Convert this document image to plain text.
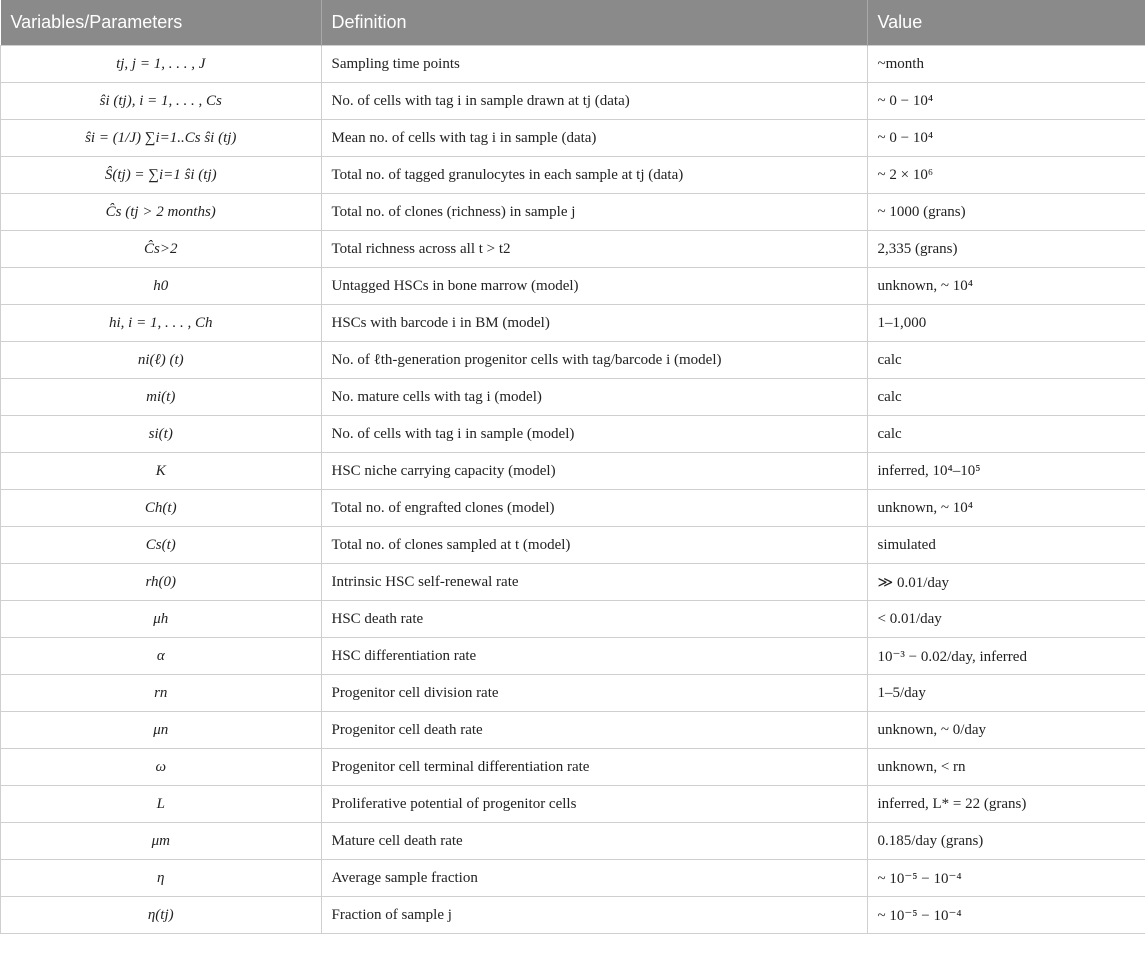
Variables/Parameters	Definition	Value
tj, j = 1, . . . , J	Sampling time points	~month
ŝi (tj), i = 1, . . . , Cs	No. of cells with tag i in sample drawn at tj (data)	~ 0 − 10⁴
ŝi = (1/J) ∑i=1..Cs ŝi (tj)	Mean no. of cells with tag i in sample (data)	~ 0 − 10⁴
Ŝ(tj) = ∑i=1 ŝi (tj)	Total no. of tagged granulocytes in each sample at tj (data)	~ 2 × 10⁶
Ĉs (tj > 2 months)	Total no. of clones (richness) in sample j	~ 1000 (grans)
Ĉs>2	Total richness across all t > t2	2,335 (grans)
h0	Untagged HSCs in bone marrow (model)	unknown, ~ 10⁴
hi, i = 1, . . . , Ch	HSCs with barcode i in BM (model)	1–1,000
ni(ℓ) (t)	No. of ℓth-generation progenitor cells with tag/barcode i (model)	calc
mi(t)	No. mature cells with tag i (model)	calc
si(t)	No. of cells with tag i in sample (model)	calc
K	HSC niche carrying capacity (model)	inferred, 10⁴–10⁵
Ch(t)	Total no. of engrafted clones (model)	unknown, ~ 10⁴
Cs(t)	Total no. of clones sampled at t (model)	simulated
rh(0)	Intrinsic HSC self-renewal rate	≫ 0.01/day
μh	HSC death rate	< 0.01/day
α	HSC differentiation rate	10⁻³ − 0.02/day, inferred
rn	Progenitor cell division rate	1–5/day
μn	Progenitor cell death rate	unknown, ~ 0/day
ω	Progenitor cell terminal differentiation rate	unknown, < rn
L	Proliferative potential of progenitor cells	inferred, L* = 22 (grans)
μm	Mature cell death rate	0.185/day (grans)
η	Average sample fraction	~ 10⁻⁵ − 10⁻⁴
η(tj)	Fraction of sample j	~ 10⁻⁵ − 10⁻⁴
